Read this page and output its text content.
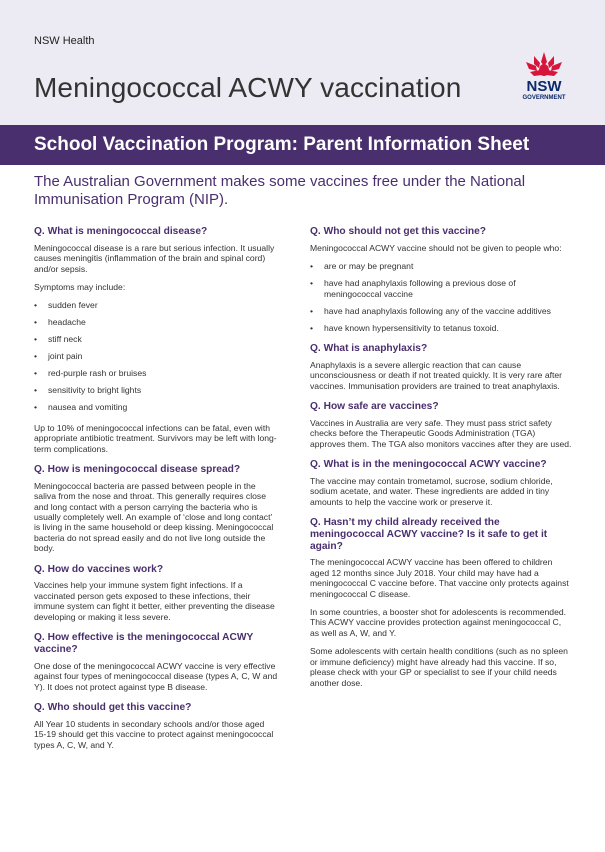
NSW Health
Meningococcal ACWY vaccination	NSW
GOVERNMENT
School Vaccination Program: Parent Information Sheet
The Australian Government makes some vaccines free under the National Immunisation Program (NIP).
Q. What is meningococcal disease?
Meningococcal disease is a rare but serious infection. It usually causes meningitis (inflammation of the brain and spinal cord) and/or sepsis.
Symptoms may include:
• sudden fever
• headache
• stiff neck
• joint pain
• red-purple rash or bruises
• sensitivity to bright lights
• nausea and vomiting
Up to 10% of meningococcal infections can be fatal, even with appropriate antibiotic treatment. Survivors may be left with long-term complications.
Q. How is meningococcal disease spread?
Meningococcal bacteria are passed between people in the saliva from the nose and throat. This generally requires close and long contact with a person carrying the bacteria who is usually completely well. An example of ‘close and long contact’ is living in the same household or deep kissing. Meningococcal bacteria do not spread easily and do not live long outside the body.
Q. How do vaccines work?
Vaccines help your immune system fight infections. If a vaccinated person gets exposed to these infections, their immune system can fight it better, either preventing the disease developing or making it less severe.
Q. How effective is the meningococcal ACWY vaccine?
One dose of the meningococcal ACWY vaccine is very effective against four types of meningococcal disease (types A, C, W and Y). It does not protect against type B disease.
Q. Who should get this vaccine?
All Year 10 students in secondary schools and/or those aged 15-19 should get this vaccine to protect against meningococcal types A, C, W, and Y.
Q. Who should not get this vaccine?
Meningococcal ACWY vaccine should not be given to people who:
• are or may be pregnant
• have had anaphylaxis following a previous dose of meningococcal vaccine
• have had anaphylaxis following any of the vaccine additives
• have known hypersensitivity to tetanus toxoid.
Q. What is anaphylaxis?
Anaphylaxis is a severe allergic reaction that can cause unconsciousness or death if not treated quickly. It is very rare after vaccines. Immunisation providers are trained to treat anaphylaxis.
Q. How safe are vaccines?
Vaccines in Australia are very safe. They must pass strict safety checks before the Therapeutic Goods Administration (TGA) approves them. The TGA also monitors vaccines after they are used.
Q. What is in the meningococcal ACWY vaccine?
The vaccine may contain trometamol, sucrose, sodium chloride, sodium acetate, and water. These ingredients are added in tiny amounts to help the vaccine work or preserve it.
Q. Hasn’t my child already received the meningococcal ACWY vaccine? Is it safe to get it again?
The meningococcal ACWY vaccine has been offered to children aged 12 months since July 2018. Your child may have had a meningococcal C vaccine before. That vaccine only protects against meningococcal C disease.
In some countries, a booster shot for adolescents is recommended. This ACWY vaccine provides protection against meningococcal C, as well as A, W, and Y.
Some adolescents with certain health conditions (such as no spleen or immune deficiency) might have already had this vaccine. If so, please check with your GP or specialist to see if your child needs another dose.
